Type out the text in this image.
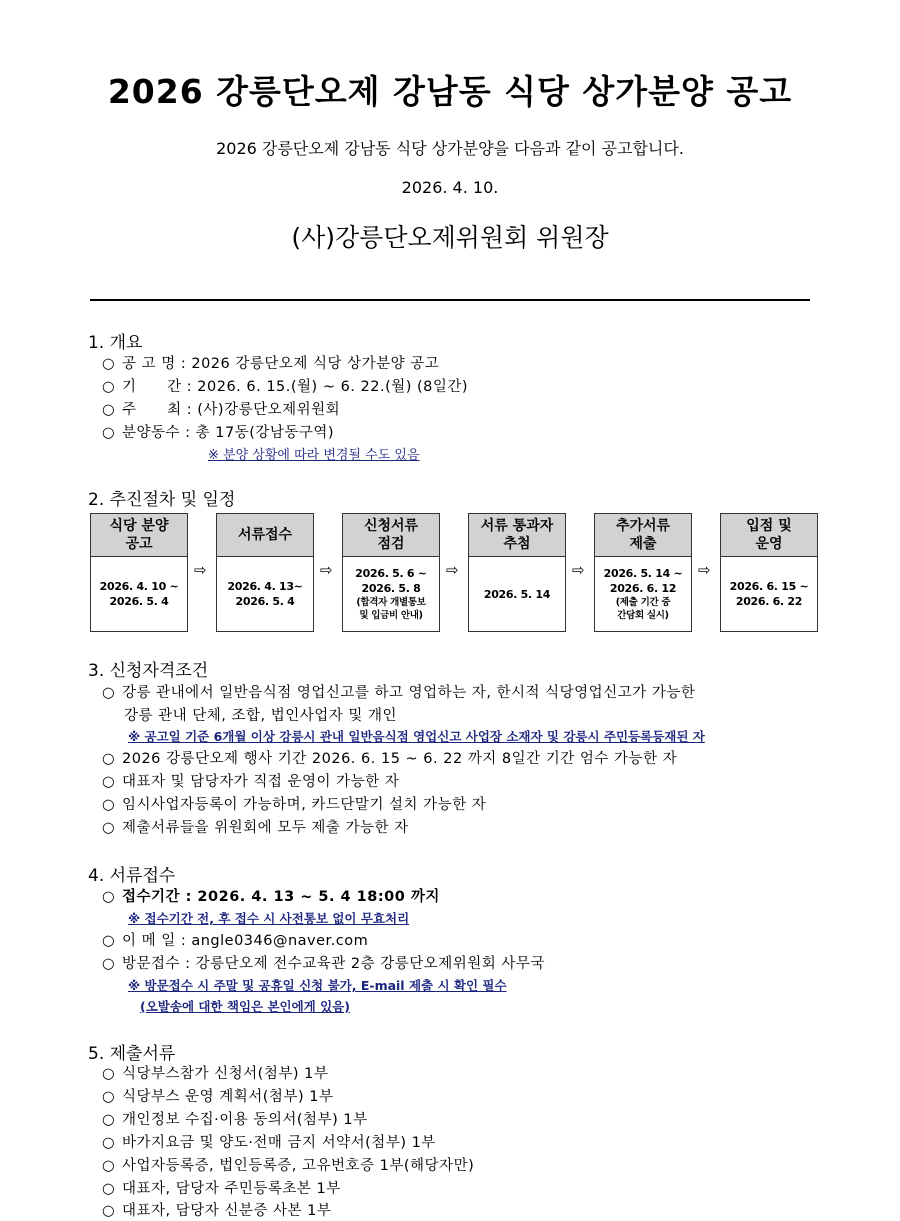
2026 강릉단오제 강남동 식당 상가분양 공고
2026 강릉단오제 강남동 식당 상가분양을 다음과 같이 공고합니다.
2026. 4. 10.
(사)강릉단오제위원회 위원장
1. 개요
○ 공 고 명 : 2026 강릉단오제 식당 상가분양 공고
○ 기      간 : 2026. 6. 15.(월) ~ 6. 22.(월) (8일간)
○ 주      최 : (사)강릉단오제위원회
○ 분양동수 : 총 17동(강남동구역)
※ 분양 상황에 따라 변경될 수도 있음
2. 추진절차 및 일정
식당 분양
공고
2026. 4. 10 ~
2026. 5. 4
⇨
서류접수
2026. 4. 13~
2026. 5. 4
⇨
신청서류
점검
2026. 5. 6 ~
2026. 5. 8
(합격자 개별통보
및 입금비 안내)
⇨
서류 통과자
추첨
2026. 5. 14
⇨
추가서류
제출
2026. 5. 14 ~
2026. 6. 12
(제출 기간 중
간담회 실시)
⇨
입점 및
운영
2026. 6. 15 ~
2026. 6. 22
3. 신청자격조건
○ 강릉 관내에서 일반음식점 영업신고를 하고 영업하는 자, 한시적 식당영업신고가 가능한
강릉 관내 단체, 조합, 법인사업자 및 개인
※ 공고일 기준 6개월 이상 강릉시 관내 일반음식점 영업신고 사업장 소재자 및 강릉시 주민등록등재된 자
○ 2026 강릉단오제 행사 기간 2026. 6. 15 ~ 6. 22 까지 8일간 기간 엄수 가능한 자
○ 대표자 및 담당자가 직접 운영이 가능한 자
○ 임시사업자등록이 가능하며, 카드단말기 설치 가능한 자
○ 제출서류들을 위원회에 모두 제출 가능한 자
4. 서류접수
○ 접수기간 : 2026. 4. 13 ~ 5. 4 18:00 까지
※ 접수기간 전, 후 접수 시 사전통보 없이 무효처리
○ 이 메 일 : angle0346@naver.com
○ 방문접수 : 강릉단오제 전수교육관 2층 강릉단오제위원회 사무국
※ 방문접수 시 주말 및 공휴일 신청 불가, E-mail 제출 시 확인 필수
(오발송에 대한 책임은 본인에게 있음)
5. 제출서류
○ 식당부스참가 신청서(첨부) 1부
○ 식당부스 운영 계획서(첨부) 1부
○ 개인정보 수집·이용 동의서(첨부) 1부
○ 바가지요금 및 양도·전매 금지 서약서(첨부) 1부
○ 사업자등록증, 법인등록증, 고유번호증 1부(해당자만)
○ 대표자, 담당자 주민등록초본 1부
○ 대표자, 담당자 신분증 사본 1부
